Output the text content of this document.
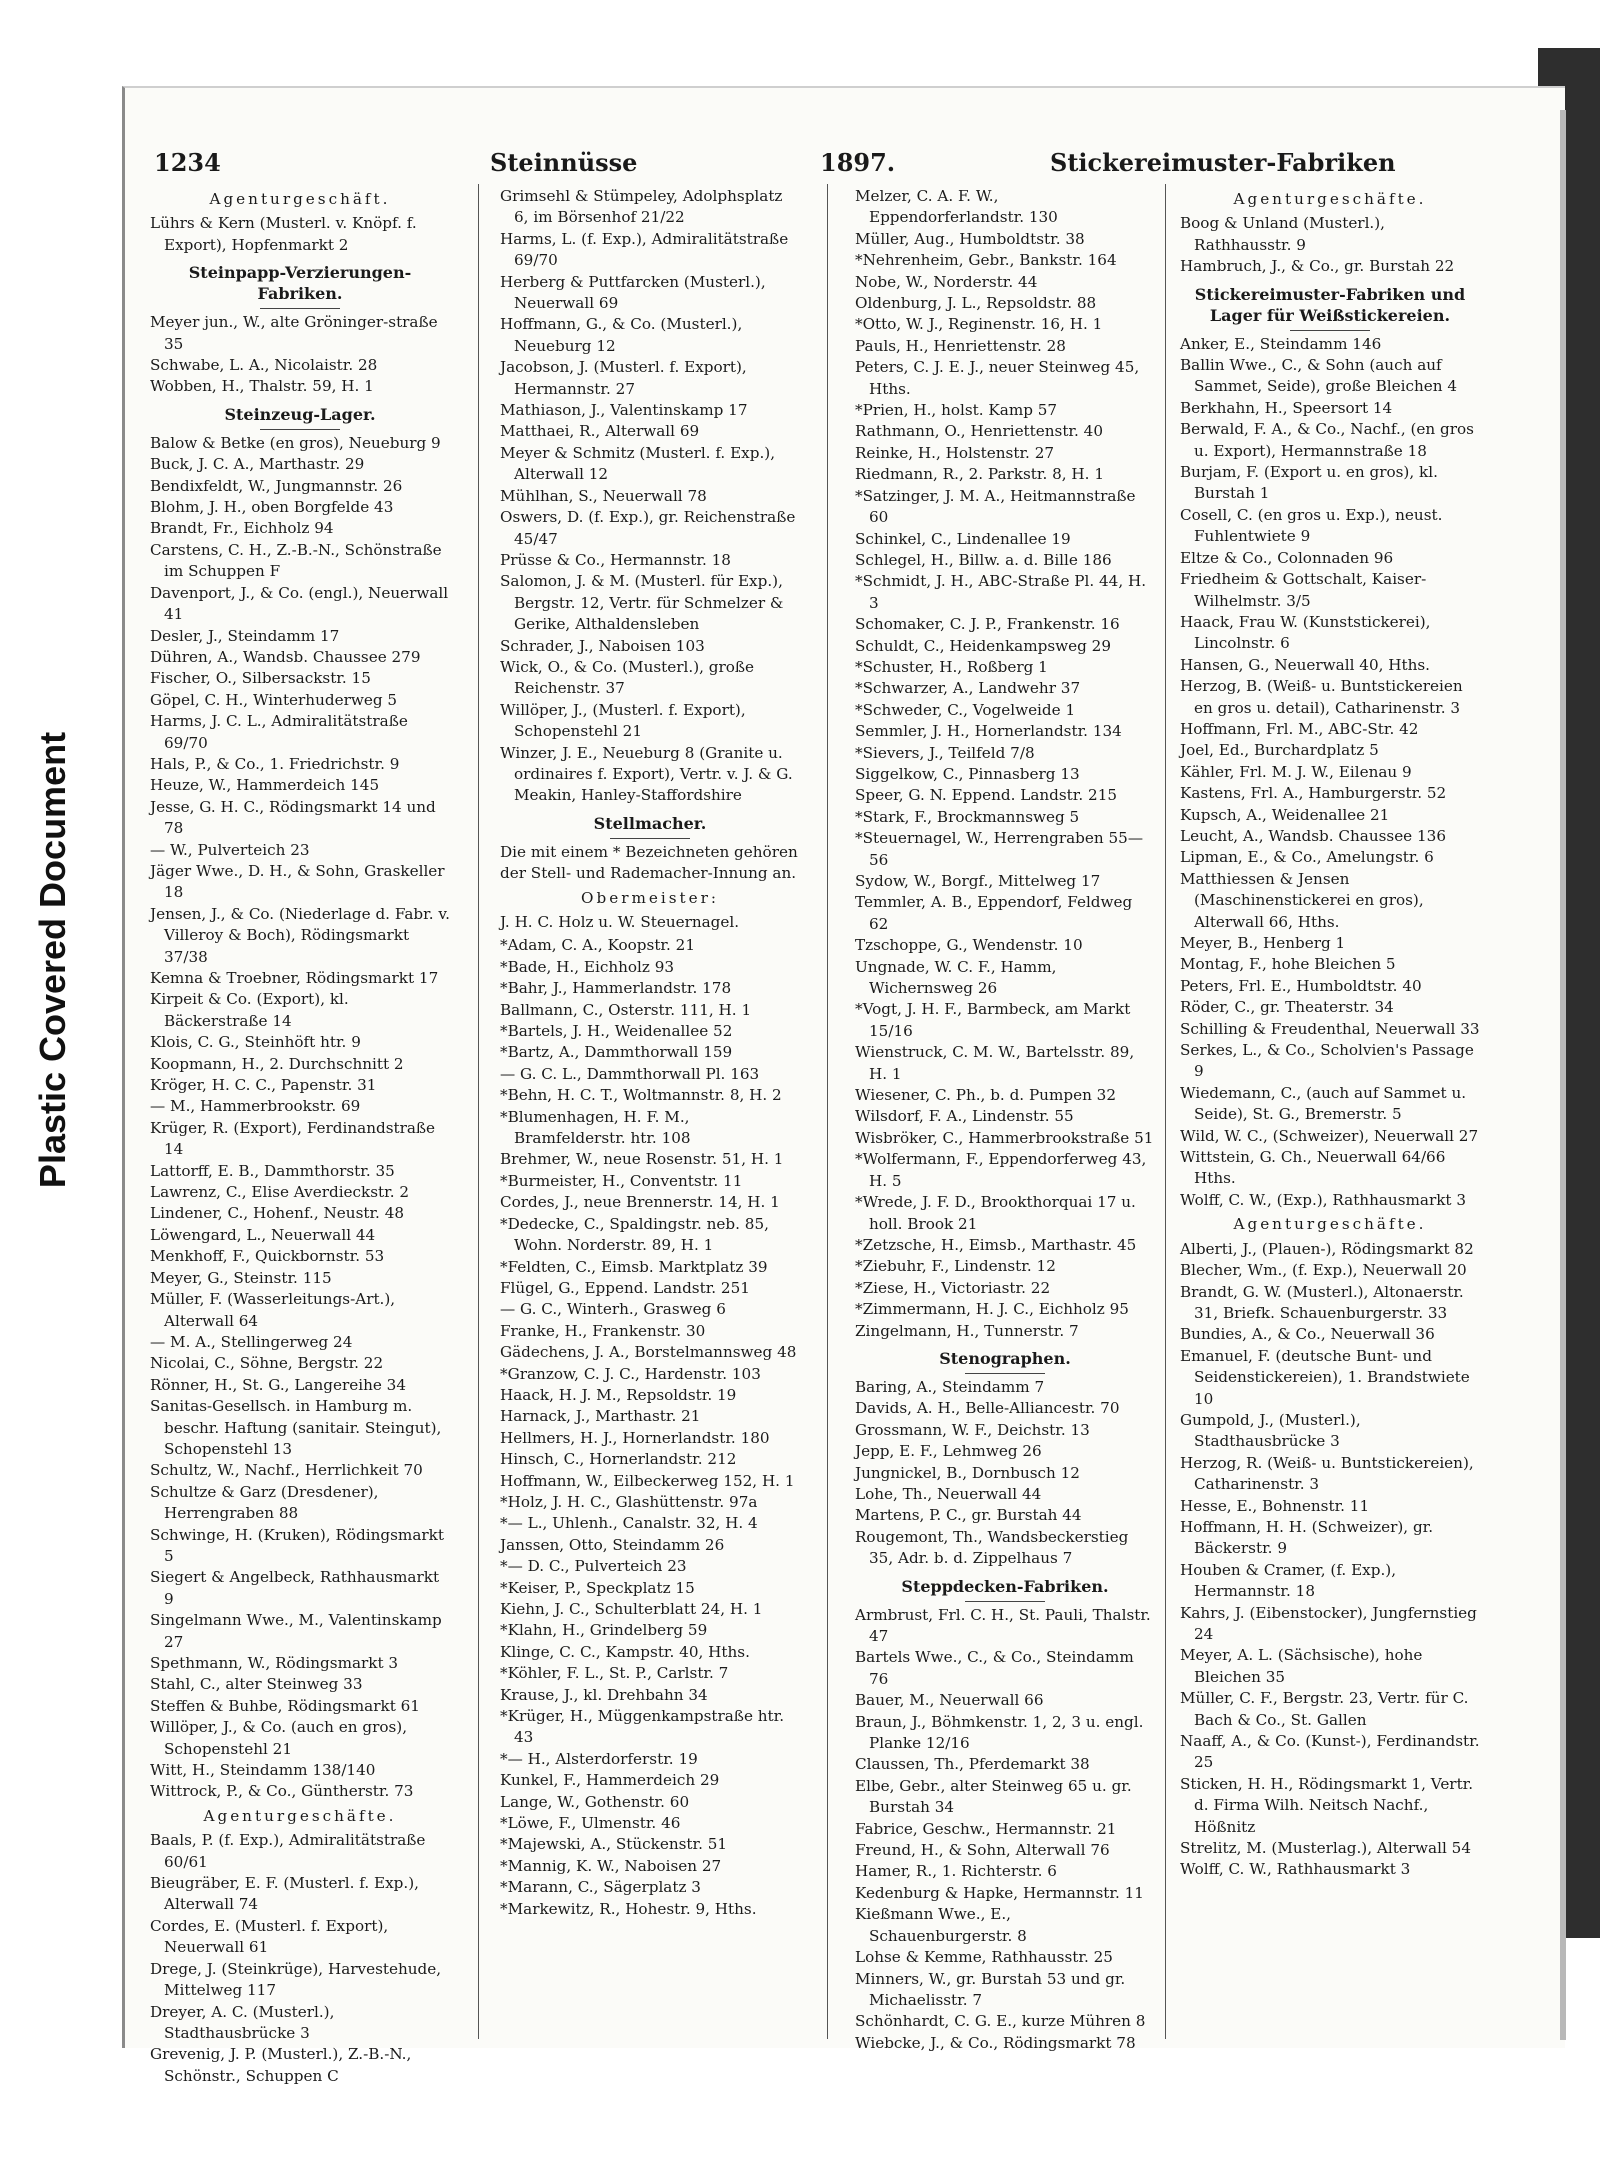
Plastic Covered Document
1234	Steinnüsse	1897.	Stickereimuster-Fabriken

Agenturgeschäft.

Lührs & Kern (Musterl. v. Knöpf. f. Export), Hopfenmarkt 2

Steinpapp-Verzierungen-Fabriken.

Meyer jun., W., alte Gröninger-straße 35

Schwabe, L. A., Nicolaistr. 28

Wobben, H., Thalstr. 59, H. 1

Steinzeug-Lager.

Balow & Betke (en gros), Neueburg 9

Buck, J. C. A., Marthastr. 29

Bendixfeldt, W., Jungmannstr. 26

Blohm, J. H., oben Borgfelde 43

Brandt, Fr., Eichholz 94

Carstens, C. H., Z.-B.-N., Schönstraße im Schuppen F

Davenport, J., & Co. (engl.), Neuerwall 41

Desler, J., Steindamm 17

Dühren, A., Wandsb. Chaussee 279

Fischer, O., Silbersackstr. 15

Göpel, C. H., Winterhuderweg 5

Harms, J. C. L., Admiralitätstraße 69/70

Hals, P., & Co., 1. Friedrichstr. 9

Heuze, W., Hammerdeich 145

Jesse, G. H. C., Rödingsmarkt 14 und 78

— W., Pulverteich 23

Jäger Wwe., D. H., & Sohn, Graskeller 18

Jensen, J., & Co. (Niederlage d. Fabr. v. Villeroy & Boch), Rödingsmarkt 37/38

Kemna & Troebner, Rödingsmarkt 17

Kirpeit & Co. (Export), kl. Bäckerstraße 14

Klois, C. G., Steinhöft htr. 9

Koopmann, H., 2. Durchschnitt 2

Kröger, H. C. C., Papenstr. 31

— M., Hammerbrookstr. 69

Krüger, R. (Export), Ferdinandstraße 14

Lattorff, E. B., Dammthorstr. 35

Lawrenz, C., Elise Averdieckstr. 2

Lindener, C., Hohenf., Neustr. 48

Löwengard, L., Neuerwall 44

Menkhoff, F., Quickbornstr. 53

Meyer, G., Steinstr. 115

Müller, F. (Wasserleitungs-Art.), Alterwall 64

— M. A., Stellingerweg 24

Nicolai, C., Söhne, Bergstr. 22

Rönner, H., St. G., Langereihe 34

Sanitas-Gesellsch. in Hamburg m. beschr. Haftung (sanitair. Steingut), Schopenstehl 13

Schultz, W., Nachf., Herrlichkeit 70

Schultze & Garz (Dresdener), Herrengraben 88

Schwinge, H. (Kruken), Rödingsmarkt 5

Siegert & Angelbeck, Rathhausmarkt 9

Singelmann Wwe., M., Valentinskamp 27

Spethmann, W., Rödingsmarkt 3

Stahl, C., alter Steinweg 33

Steffen & Buhbe, Rödingsmarkt 61

Willöper, J., & Co. (auch en gros), Schopenstehl 21

Witt, H., Steindamm 138/140

Wittrock, P., & Co., Güntherstr. 73

Agenturgeschäfte.

Baals, P. (f. Exp.), Admiralitätstraße 60/61

Bieugräber, E. F. (Musterl. f. Exp.), Alterwall 74

Cordes, E. (Musterl. f. Export), Neuerwall 61

Drege, J. (Steinkrüge), Harvestehude, Mittelweg 117

Dreyer, A. C. (Musterl.), Stadthausbrücke 3

Grevenig, J. P. (Musterl.), Z.-B.-N., Schönstr., Schuppen C

Grimsehl & Stümpeley, Adolphsplatz 6, im Börsenhof 21/22

Harms, L. (f. Exp.), Admiralitätstraße 69/70

Herberg & Puttfarcken (Musterl.), Neuerwall 69

Hoffmann, G., & Co. (Musterl.), Neueburg 12

Jacobson, J. (Musterl. f. Export), Hermannstr. 27

Mathiason, J., Valentinskamp 17

Matthaei, R., Alterwall 69

Meyer & Schmitz (Musterl. f. Exp.), Alterwall 12

Mühlhan, S., Neuerwall 78

Oswers, D. (f. Exp.), gr. Reichenstraße 45/47

Prüsse & Co., Hermannstr. 18

Salomon, J. & M. (Musterl. für Exp.), Bergstr. 12, Vertr. für Schmelzer & Gerike, Althaldensleben

Schrader, J., Naboisen 103

Wick, O., & Co. (Musterl.), große Reichenstr. 37

Willöper, J., (Musterl. f. Export), Schopenstehl 21

Winzer, J. E., Neueburg 8 (Granite u. ordinaires f. Export), Vertr. v. J. & G. Meakin, Hanley-Staffordshire

Stellmacher.

Die mit einem * Bezeichneten gehören der Stell- und Rademacher-Innung an.

Obermeister:

J. H. C. Holz u. W. Steuernagel.

*Adam, C. A., Koopstr. 21

*Bade, H., Eichholz 93

*Bahr, J., Hammerlandstr. 178

Ballmann, C., Osterstr. 111, H. 1

*Bartels, J. H., Weidenallee 52

*Bartz, A., Dammthorwall 159

— G. C. L., Dammthorwall Pl. 163

*Behn, H. C. T., Woltmannstr. 8, H. 2

*Blumenhagen, H. F. M., Bramfelderstr. htr. 108

Brehmer, W., neue Rosenstr. 51, H. 1

*Burmeister, H., Conventstr. 11

Cordes, J., neue Brennerstr. 14, H. 1

*Dedecke, C., Spaldingstr. neb. 85, Wohn. Norderstr. 89, H. 1

*Feldten, C., Eimsb. Marktplatz 39

Flügel, G., Eppend. Landstr. 251

— G. C., Winterh., Grasweg 6

Franke, H., Frankenstr. 30

Gädechens, J. A., Borstelmannsweg 48

*Granzow, C. J. C., Hardenstr. 103

Haack, H. J. M., Repsoldstr. 19

Harnack, J., Marthastr. 21

Hellmers, H. J., Hornerlandstr. 180

Hinsch, C., Hornerlandstr. 212

Hoffmann, W., Eilbeckerweg 152, H. 1

*Holz, J. H. C., Glashüttenstr. 97a

*— L., Uhlenh., Canalstr. 32, H. 4

Janssen, Otto, Steindamm 26

*— D. C., Pulverteich 23

*Keiser, P., Speckplatz 15

Kiehn, J. C., Schulterblatt 24, H. 1

*Klahn, H., Grindelberg 59

Klinge, C. C., Kampstr. 40, Hths.

*Köhler, F. L., St. P., Carlstr. 7

Krause, J., kl. Drehbahn 34

*Krüger, H., Müggenkampstraße htr. 43

*— H., Alsterdorferstr. 19

Kunkel, F., Hammerdeich 29

Lange, W., Gothenstr. 60

*Löwe, F., Ulmenstr. 46

*Majewski, A., Stückenstr. 51

*Mannig, K. W., Naboisen 27

*Marann, C., Sägerplatz 3

*Markewitz, R., Hohestr. 9, Hths.

Melzer, C. A. F. W., Eppendorferlandstr. 130

Müller, Aug., Humboldtstr. 38

*Nehrenheim, Gebr., Bankstr. 164

Nobe, W., Norderstr. 44

Oldenburg, J. L., Repsoldstr. 88

*Otto, W. J., Reginenstr. 16, H. 1

Pauls, H., Henriettenstr. 28

Peters, C. J. E. J., neuer Steinweg 45, Hths.

*Prien, H., holst. Kamp 57

Rathmann, O., Henriettenstr. 40

Reinke, H., Holstenstr. 27

Riedmann, R., 2. Parkstr. 8, H. 1

*Satzinger, J. M. A., Heitmannstraße 60

Schinkel, C., Lindenallee 19

Schlegel, H., Billw. a. d. Bille 186

*Schmidt, J. H., ABC-Straße Pl. 44, H. 3

Schomaker, C. J. P., Frankenstr. 16

Schuldt, C., Heidenkampsweg 29

*Schuster, H., Roßberg 1

*Schwarzer, A., Landwehr 37

*Schweder, C., Vogelweide 1

Semmler, J. H., Hornerlandstr. 134

*Sievers, J., Teilfeld 7/8

Siggelkow, C., Pinnasberg 13

Speer, G. N. Eppend. Landstr. 215

*Stark, F., Brockmannsweg 5

*Steuernagel, W., Herrengraben 55—56

Sydow, W., Borgf., Mittelweg 17

Temmler, A. B., Eppendorf, Feldweg 62

Tzschoppe, G., Wendenstr. 10

Ungnade, W. C. F., Hamm, Wichernsweg 26

*Vogt, J. H. F., Barmbeck, am Markt 15/16

Wienstruck, C. M. W., Bartelsstr. 89, H. 1

Wiesener, C. Ph., b. d. Pumpen 32

Wilsdorf, F. A., Lindenstr. 55

Wisbröker, C., Hammerbrookstraße 51

*Wolfermann, F., Eppendorferweg 43, H. 5

*Wrede, J. F. D., Brookthorquai 17 u. holl. Brook 21

*Zetzsche, H., Eimsb., Marthastr. 45

*Ziebuhr, F., Lindenstr. 12

*Ziese, H., Victoriastr. 22

*Zimmermann, H. J. C., Eichholz 95

Zingelmann, H., Tunnerstr. 7

Stenographen.

Baring, A., Steindamm 7

Davids, A. H., Belle-Alliancestr. 70

Grossmann, W. F., Deichstr. 13

Jepp, E. F., Lehmweg 26

Jungnickel, B., Dornbusch 12

Lohe, Th., Neuerwall 44

Martens, P. C., gr. Burstah 44

Rougemont, Th., Wandsbeckerstieg 35, Adr. b. d. Zippelhaus 7

Steppdecken-Fabriken.

Armbrust, Frl. C. H., St. Pauli, Thalstr. 47

Bartels Wwe., C., & Co., Steindamm 76

Bauer, M., Neuerwall 66

Braun, J., Böhmkenstr. 1, 2, 3 u. engl. Planke 12/16

Claussen, Th., Pferdemarkt 38

Elbe, Gebr., alter Steinweg 65 u. gr. Burstah 34

Fabrice, Geschw., Hermannstr. 21

Freund, H., & Sohn, Alterwall 76

Hamer, R., 1. Richterstr. 6

Kedenburg & Hapke, Hermannstr. 11

Kießmann Wwe., E., Schauenburgerstr. 8

Lohse & Kemme, Rathhausstr. 25

Minners, W., gr. Burstah 53 und gr. Michaelisstr. 7

Schönhardt, C. G. E., kurze Mühren 8

Wiebcke, J., & Co., Rödingsmarkt 78

Agenturgeschäfte.

Boog & Unland (Musterl.), Rathhausstr. 9

Hambruch, J., & Co., gr. Burstah 22

Stickereimuster-Fabriken und Lager für Weißstickereien.

Anker, E., Steindamm 146

Ballin Wwe., C., & Sohn (auch auf Sammet, Seide), große Bleichen 4

Berkhahn, H., Speersort 14

Berwald, F. A., & Co., Nachf., (en gros u. Export), Hermannstraße 18

Burjam, F. (Export u. en gros), kl. Burstah 1

Cosell, C. (en gros u. Exp.), neust. Fuhlentwiete 9

Eltze & Co., Colonnaden 96

Friedheim & Gottschalt, Kaiser-Wilhelmstr. 3/5

Haack, Frau W. (Kunststickerei), Lincolnstr. 6

Hansen, G., Neuerwall 40, Hths.

Herzog, B. (Weiß- u. Buntstickereien en gros u. detail), Catharinenstr. 3

Hoffmann, Frl. M., ABC-Str. 42

Joel, Ed., Burchardplatz 5

Kähler, Frl. M. J. W., Eilenau 9

Kastens, Frl. A., Hamburgerstr. 52

Kupsch, A., Weidenallee 21

Leucht, A., Wandsb. Chaussee 136

Lipman, E., & Co., Amelungstr. 6

Matthiessen & Jensen (Maschinenstickerei en gros), Alterwall 66, Hths.

Meyer, B., Henberg 1

Montag, F., hohe Bleichen 5

Peters, Frl. E., Humboldtstr. 40

Röder, C., gr. Theaterstr. 34

Schilling & Freudenthal, Neuerwall 33

Serkes, L., & Co., Scholvien's Passage 9

Wiedemann, C., (auch auf Sammet u. Seide), St. G., Bremerstr. 5

Wild, W. C., (Schweizer), Neuerwall 27

Wittstein, G. Ch., Neuerwall 64/66 Hths.

Wolff, C. W., (Exp.), Rathhausmarkt 3

Agenturgeschäfte.

Alberti, J., (Plauen-), Rödingsmarkt 82

Blecher, Wm., (f. Exp.), Neuerwall 20

Brandt, G. W. (Musterl.), Altonaerstr. 31, Briefk. Schauenburgerstr. 33

Bundies, A., & Co., Neuerwall 36

Emanuel, F. (deutsche Bunt- und Seidenstickereien), 1. Brandstwiete 10

Gumpold, J., (Musterl.), Stadthausbrücke 3

Herzog, R. (Weiß- u. Buntstickereien), Catharinenstr. 3

Hesse, E., Bohnenstr. 11

Hoffmann, H. H. (Schweizer), gr. Bäckerstr. 9

Houben & Cramer, (f. Exp.), Hermannstr. 18

Kahrs, J. (Eibenstocker), Jungfernstieg 24

Meyer, A. L. (Sächsische), hohe Bleichen 35

Müller, C. F., Bergstr. 23, Vertr. für C. Bach & Co., St. Gallen

Naaff, A., & Co. (Kunst-), Ferdinandstr. 25

Sticken, H. H., Rödingsmarkt 1, Vertr. d. Firma Wilh. Neitsch Nachf., Hößnitz

Strelitz, M. (Musterlag.), Alterwall 54

Wolff, C. W., Rathhausmarkt 3
